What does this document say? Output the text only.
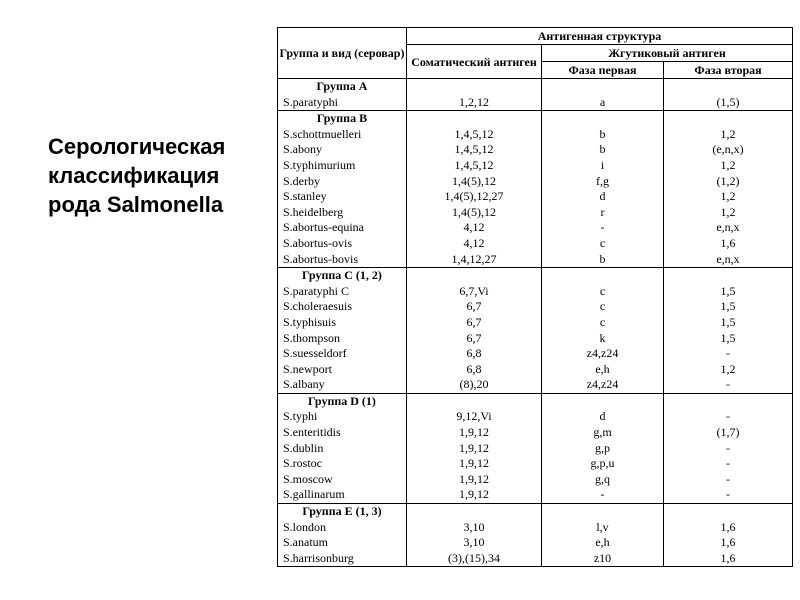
Серологическая
классификация
рода Salmonella
Группа и вид (серовар)	Антигенная структура		
	Соматический антиген	Жгутиковый антиген	
		Фаза первая	Фаза вторая
Группа А			
S.paratyphi	1,2,12	a	(1,5)
Группа В			
S.schottmuelleri	1,4,5,12	b	1,2
S.abony	1,4,5,12	b	(e,n,x)
S.typhimurium	1,4,5,12	i	1,2
S.derby	1,4(5),12	f,g	(1,2)
S.stanley	1,4(5),12,27	d	1,2
S.heidelberg	1,4(5),12	r	1,2
S.abortus-equina	4,12	-	e,n,x
S.abortus-ovis	4,12	c	1,6
S.abortus-bovis	1,4,12,27	b	e,n,x
Группа С (1, 2)			
S.paratyphi C	6,7,Vi	c	1,5
S.choleraesuis	6,7	c	1,5
S.typhisuis	6,7	c	1,5
S.thompson	6,7	k	1,5
S.suesseldorf	6,8	z4,z24	-
S.newport	6,8	e,h	1,2
S.albany	(8),20	z4,z24	-
Группа D (1)			
S.typhi	9,12,Vi	d	-
S.enteritidis	1,9,12	g,m	(1,7)
S.dublin	1,9,12	g,p	-
S.rostoc	1,9,12	g,p,u	-
S.moscow	1,9,12	g,q	-
S.gallinarum	1,9,12	-	-
Группа Е (1, 3)			
S.london	3,10	l,v	1,6
S.anatum	3,10	e,h	1,6
S.harrisonburg	(3),(15),34	z10	1,6
